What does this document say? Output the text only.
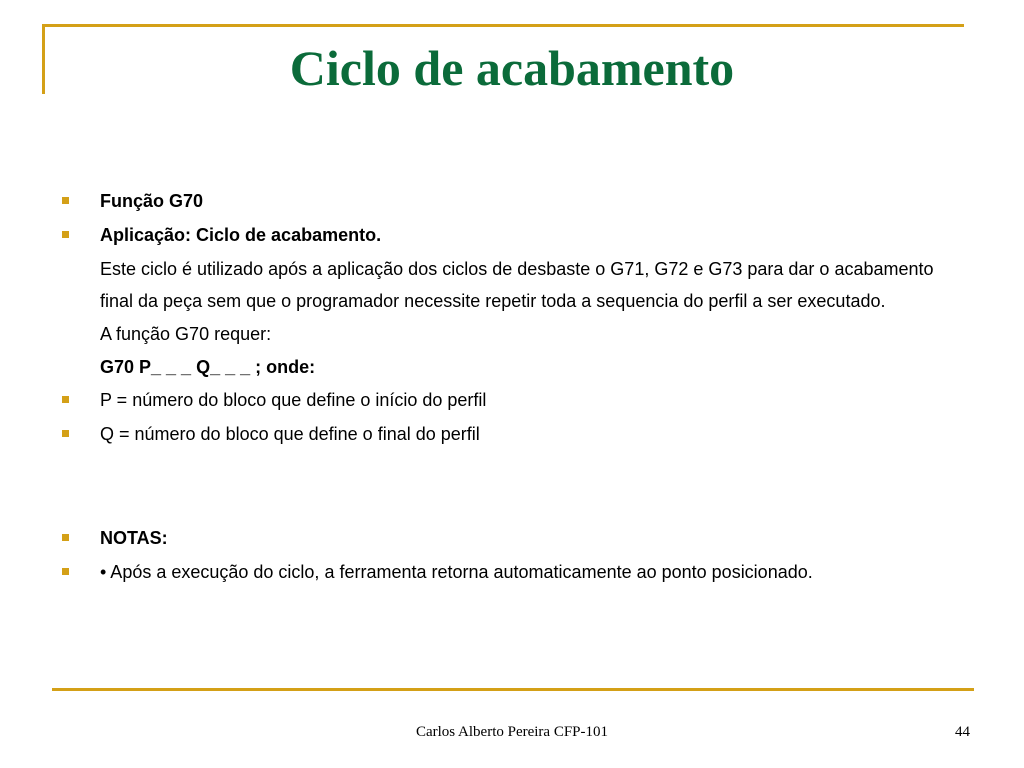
Ciclo de acabamento
Função G70
Aplicação: Ciclo de acabamento.
Este ciclo é utilizado após a aplicação dos ciclos de desbaste o G71, G72 e G73 para dar o acabamento final da peça sem que o programador necessite repetir toda a sequencia do perfil a ser executado.
A função G70 requer:
G70 P_ _ _ Q_ _ _ ; onde:
P = número do bloco que define o início do perfil
Q = número do bloco que define o final do perfil
NOTAS:
• Após a execução do ciclo, a ferramenta retorna automaticamente ao ponto posicionado.
Carlos Alberto Pereira CFP-101	44
